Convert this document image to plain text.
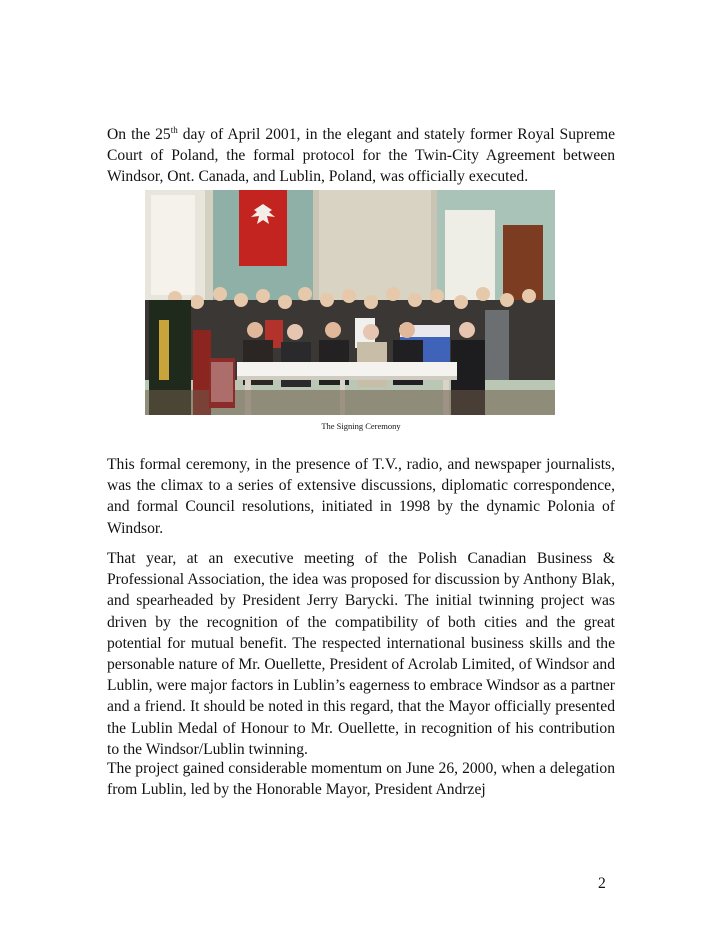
On the 25th day of April 2001, in the elegant and stately former Royal Supreme Court of Poland, the formal protocol for the Twin-City Agreement between Windsor, Ont. Canada, and Lublin, Poland, was officially executed.

The Signing Ceremony

This formal ceremony, in the presence of T.V., radio, and newspaper journalists, was the climax to a series of extensive discussions, diplomatic correspondence, and formal Council resolutions, initiated in 1998 by the dynamic Polonia of Windsor.

That year, at an executive meeting of the Polish Canadian Business & Professional Association, the idea was proposed for discussion by Anthony Blak, and spearheaded by President Jerry Barycki. The initial twinning project was driven by the recognition of the compatibility of both cities and the great potential for mutual benefit. The respected international business skills and the personable nature of Mr. Ouellette, President of Acrolab Limited, of Windsor and Lublin, were major factors in Lublin’s eagerness to embrace Windsor as a partner and a friend. It should be noted in this regard, that the Mayor officially presented the Lublin Medal of Honour to Mr. Ouellette, in recognition of his contribution to the Windsor/Lublin twinning.

The project gained considerable momentum on June 26, 2000, when a delegation from Lublin, led by the Honorable Mayor, President Andrzej

2
